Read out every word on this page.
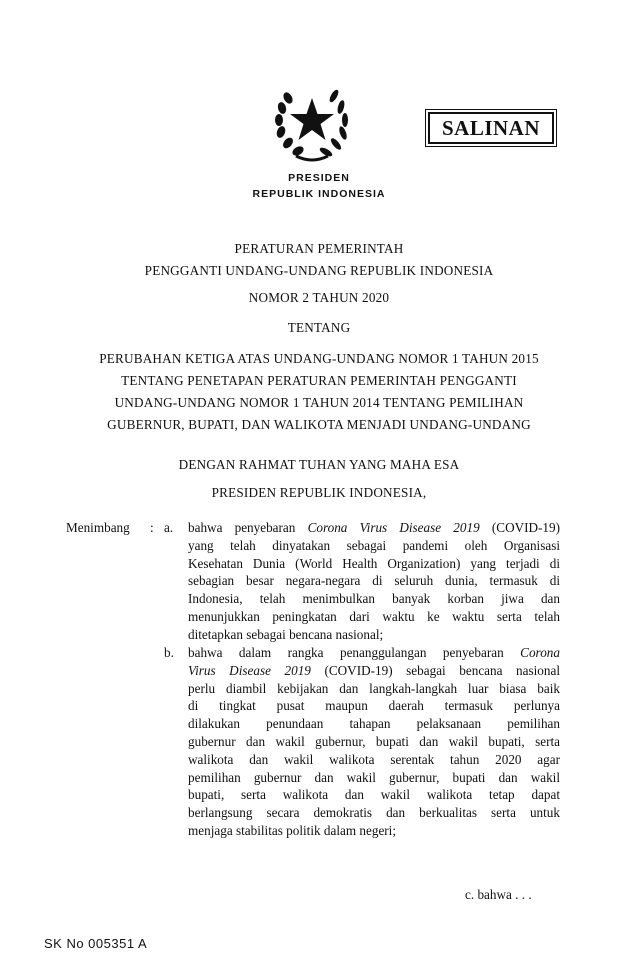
SALINAN
PRESIDEN
REPUBLIK INDONESIA
PERATURAN PEMERINTAH
PENGGANTI UNDANG-UNDANG REPUBLIK INDONESIA
NOMOR 2 TAHUN 2020
TENTANG
PERUBAHAN KETIGA ATAS UNDANG-UNDANG NOMOR 1 TAHUN 2015
TENTANG PENETAPAN PERATURAN PEMERINTAH PENGGANTI
UNDANG-UNDANG NOMOR 1 TAHUN 2014 TENTANG PEMILIHAN
GUBERNUR, BUPATI, DAN WALIKOTA MENJADI UNDANG-UNDANG
DENGAN RAHMAT TUHAN YANG MAHA ESA
PRESIDEN REPUBLIK INDONESIA,
Menimbang : a. bahwa penyebaran Corona Virus Disease 2019 (COVID-19)
yang telah dinyatakan sebagai pandemi oleh Organisasi
Kesehatan Dunia (World Health Organization) yang terjadi di
sebagian besar negara-negara di seluruh dunia, termasuk di
Indonesia, telah menimbulkan banyak korban jiwa dan
menunjukkan peningkatan dari waktu ke waktu serta telah
ditetapkan sebagai bencana nasional;
b. bahwa dalam rangka penanggulangan penyebaran Corona
Virus Disease 2019 (COVID-19) sebagai bencana nasional
perlu diambil kebijakan dan langkah-langkah luar biasa baik
di tingkat pusat maupun daerah termasuk perlunya
dilakukan penundaan tahapan pelaksanaan pemilihan
gubernur dan wakil gubernur, bupati dan wakil bupati, serta
walikota dan wakil walikota serentak tahun 2020 agar
pemilihan gubernur dan wakil gubernur, bupati dan wakil
bupati, serta walikota dan wakil walikota tetap dapat
berlangsung secara demokratis dan berkualitas serta untuk
menjaga stabilitas politik dalam negeri;
c. bahwa . . .
SK No 005351 A
